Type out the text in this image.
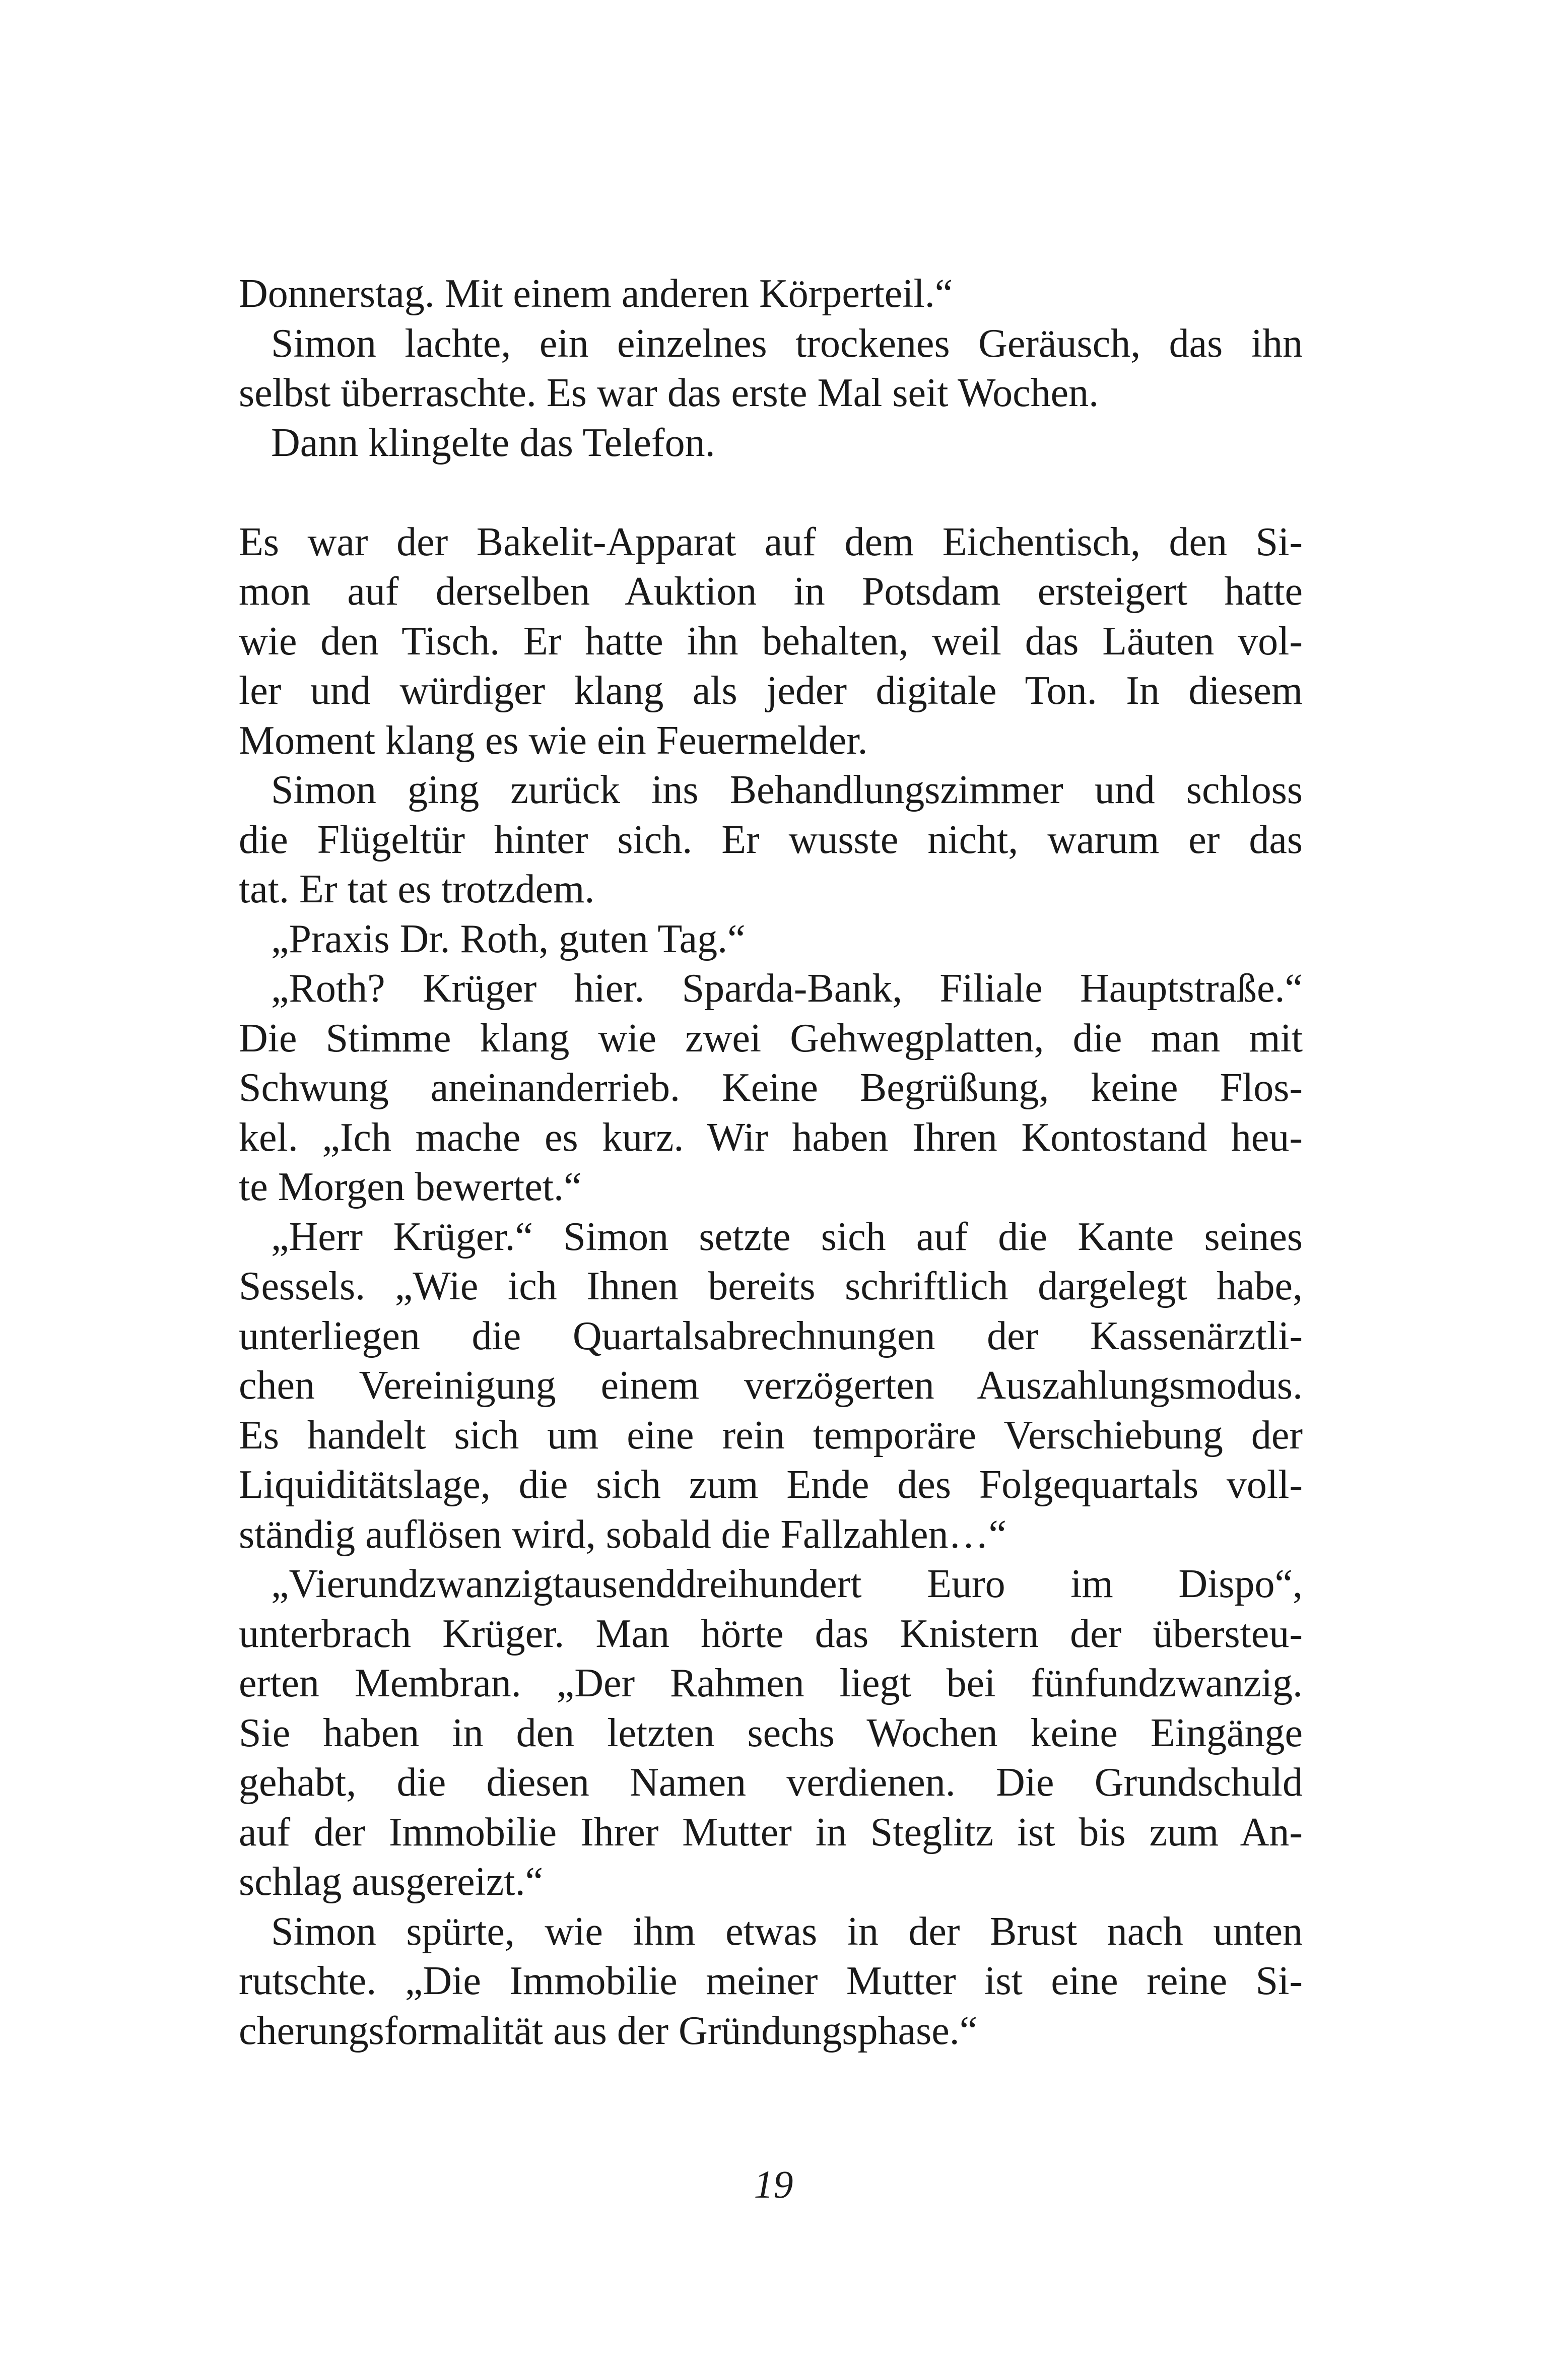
Donnerstag. Mit einem anderen Körperteil.“
Simon lachte, ein einzelnes trockenes Geräusch, das ihn
selbst überraschte. Es war das erste Mal seit Wochen.
Dann klingelte das Telefon.
Es war der Bakelit-Apparat auf dem Eichentisch, den Si-
mon auf derselben Auktion in Potsdam ersteigert hatte
wie den Tisch. Er hatte ihn behalten, weil das Läuten vol-
ler und würdiger klang als jeder digitale Ton. In diesem
Moment klang es wie ein Feuermelder.
Simon ging zurück ins Behandlungszimmer und schloss
die Flügeltür hinter sich. Er wusste nicht, warum er das
tat. Er tat es trotzdem.
„Praxis Dr. Roth, guten Tag.“
„Roth? Krüger hier. Sparda-Bank, Filiale Hauptstraße.“
Die Stimme klang wie zwei Gehwegplatten, die man mit
Schwung aneinanderrieb. Keine Begrüßung, keine Flos-
kel. „Ich mache es kurz. Wir haben Ihren Kontostand heu-
te Morgen bewertet.“
„Herr Krüger.“ Simon setzte sich auf die Kante seines
Sessels. „Wie ich Ihnen bereits schriftlich dargelegt habe,
unterliegen die Quartalsabrechnungen der Kassenärztli-
chen Vereinigung einem verzögerten Auszahlungsmodus.
Es handelt sich um eine rein temporäre Verschiebung der
Liquiditätslage, die sich zum Ende des Folgequartals voll-
ständig auflösen wird, sobald die Fallzahlen…“
„Vierundzwanzigtausenddreihundert Euro im Dispo“,
unterbrach Krüger. Man hörte das Knistern der übersteu-
erten Membran. „Der Rahmen liegt bei fünfundzwanzig.
Sie haben in den letzten sechs Wochen keine Eingänge
gehabt, die diesen Namen verdienen. Die Grundschuld
auf der Immobilie Ihrer Mutter in Steglitz ist bis zum An-
schlag ausgereizt.“
Simon spürte, wie ihm etwas in der Brust nach unten
rutschte. „Die Immobilie meiner Mutter ist eine reine Si-
cherungsformalität aus der Gründungsphase.“
19
